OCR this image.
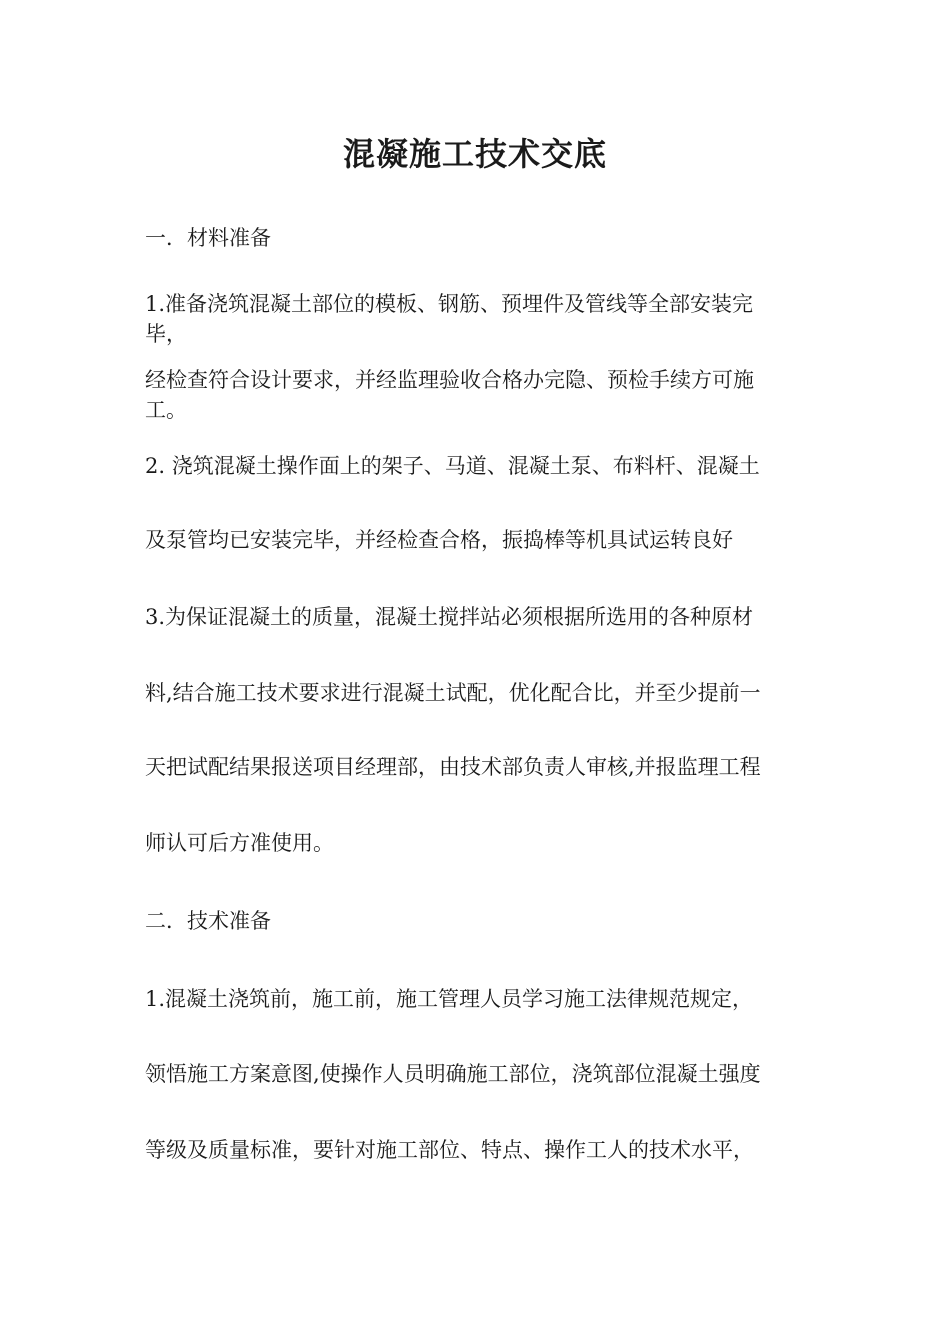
混凝施工技术交底
一．材料准备
1.准备浇筑混凝土部位的模板、钢筋、预埋件及管线等全部安装完
毕，
经检查符合设计要求，并经监理验收合格办完隐、预检手续方可施
工。
2. 浇筑混凝土操作面上的架子、马道、混凝土泵、布料杆、混凝土
及泵管均已安装完毕，并经检查合格，振捣棒等机具试运转良好
3.为保证混凝土的质量，混凝土搅拌站必须根据所选用的各种原材
料,结合施工技术要求进行混凝土试配，优化配合比，并至少提前一
天把试配结果报送项目经理部，由技术部负责人审核,并报监理工程
师认可后方准使用。
二．技术准备
1.混凝土浇筑前，施工前，施工管理人员学习施工法律规范规定，
领悟施工方案意图,使操作人员明确施工部位，浇筑部位混凝土强度
等级及质量标准，要针对施工部位、特点、操作工人的技术水平，
